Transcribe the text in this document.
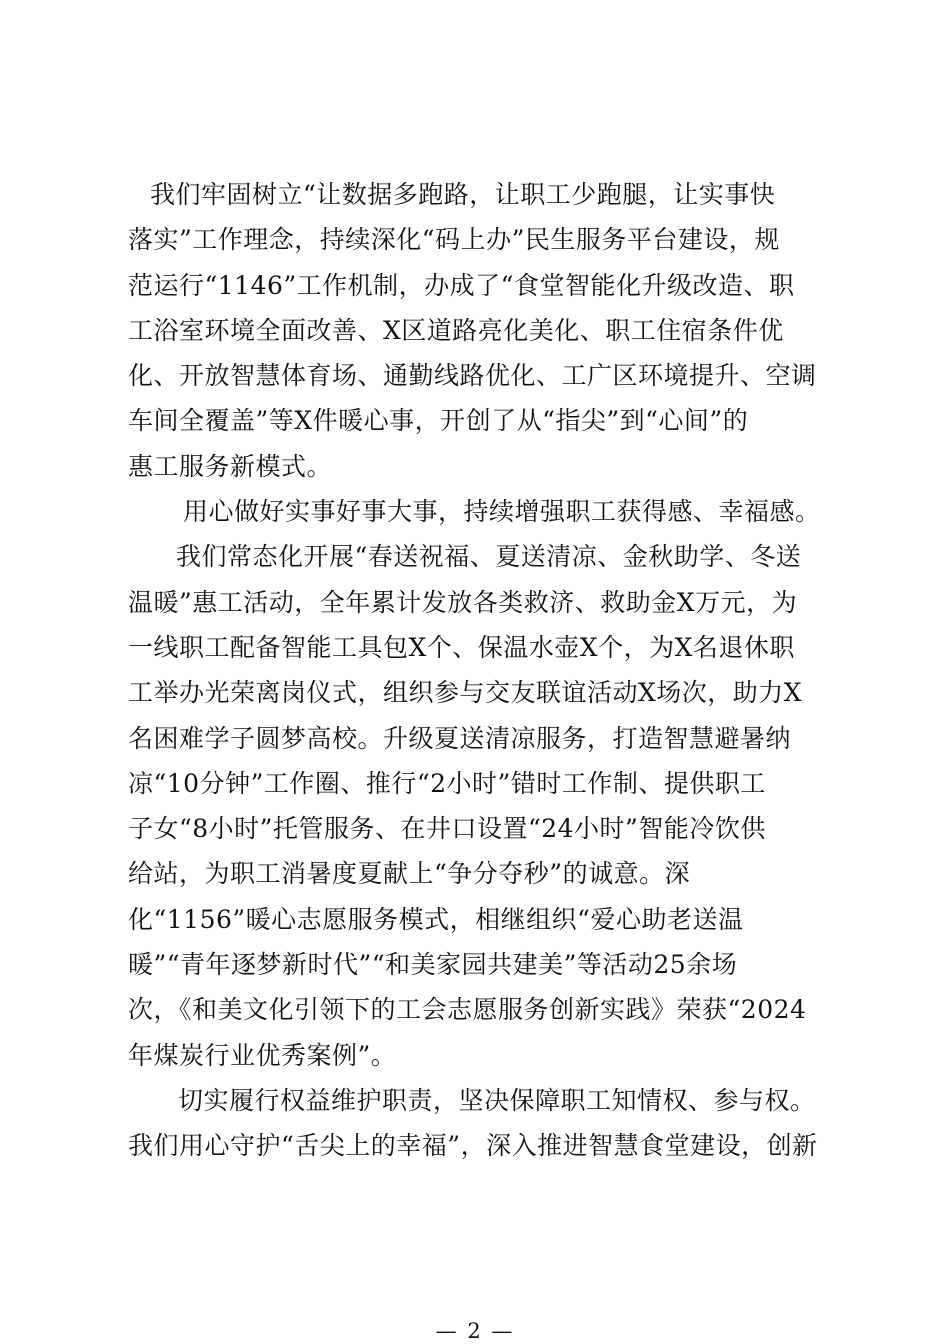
我们牢固树立“让数据多跑路，让职工少跑腿，让实事快
落实”工作理念，持续深化“码上办”民生服务平台建设，规
范运行“1146”工作机制，办成了“食堂智能化升级改造、职
工浴室环境全面改善、X区道路亮化美化、职工住宿条件优
化、开放智慧体育场、通勤线路优化、工广区环境提升、空调
车间全覆盖”等X件暖心事，开创了从“指尖”到“心间”的
惠工服务新模式。
用心做好实事好事大事，持续增强职工获得感、幸福感。
我们常态化开展“春送祝福、夏送清凉、金秋助学、冬送
温暖”惠工活动，全年累计发放各类救济、救助金X万元，为
一线职工配备智能工具包X个、保温水壶X个，为X名退休职
工举办光荣离岗仪式，组织参与交友联谊活动X场次，助力X
名困难学子圆梦高校。升级夏送清凉服务，打造智慧避暑纳
凉“10分钟”工作圈、推行“2小时”错时工作制、提供职工
子女“8小时”托管服务、在井口设置“24小时”智能冷饮供
给站，为职工消暑度夏献上“争分夺秒”的诚意。深
化“1156”暖心志愿服务模式，相继组织“爱心助老送温
暖”“青年逐梦新时代”“和美家园共建美”等活动25余场
次，《和美文化引领下的工会志愿服务创新实践》荣获“2024
年煤炭行业优秀案例”。
切实履行权益维护职责，坚决保障职工知情权、参与权。
我们用心守护“舌尖上的幸福”，深入推进智慧食堂建设，创新
— 2 —
